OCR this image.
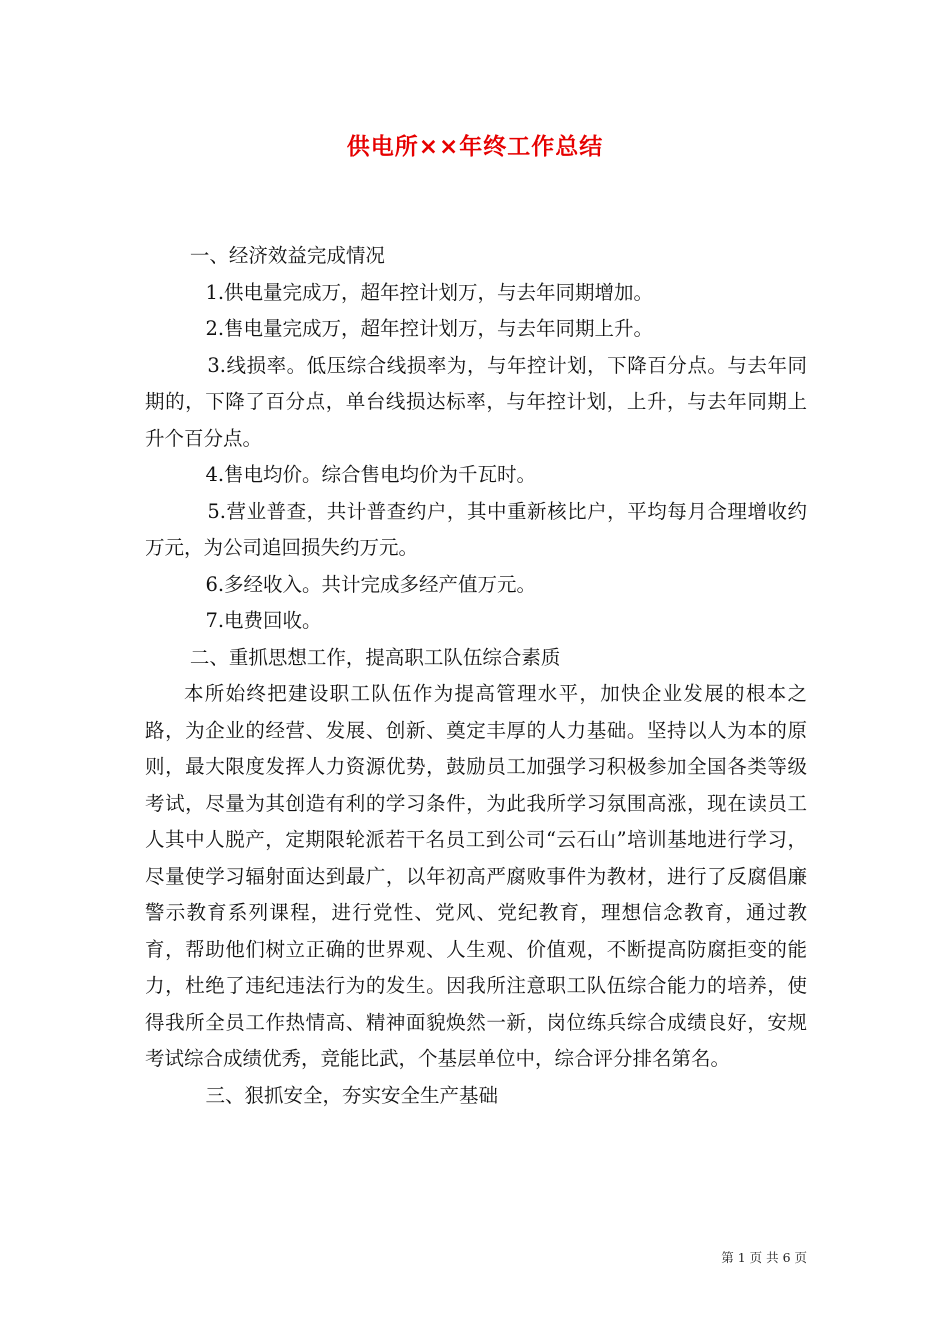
供电所××年终工作总结

一、经济效益完成情况

1.供电量完成万，超年控计划万，与去年同期增加。

2.售电量完成万，超年控计划万，与去年同期上升。

3.线损率。低压综合线损率为，与年控计划，下降百分点。与去年同期的，下降了百分点，单台线损达标率，与年控计划，上升，与去年同期上升个百分点。

4.售电均价。综合售电均价为千瓦时。

5.营业普查，共计普查约户，其中重新核比户，平均每月合理增收约万元，为公司追回损失约万元。

6.多经收入。共计完成多经产值万元。

7.电费回收。

二、重抓思想工作，提高职工队伍综合素质

本所始终把建设职工队伍作为提高管理水平，加快企业发展的根本之路，为企业的经营、发展、创新、奠定丰厚的人力基础。坚持以人为本的原则，最大限度发挥人力资源优势，鼓励员工加强学习积极参加全国各类等级考试，尽量为其创造有利的学习条件，为此我所学习氛围高涨，现在读员工人其中人脱产，定期限轮派若干名员工到公司“云石山”培训基地进行学习，尽量使学习辐射面达到最广，以年初高严腐败事件为教材，进行了反腐倡廉警示教育系列课程，进行党性、党风、党纪教育，理想信念教育，通过教育，帮助他们树立正确的世界观、人生观、价值观，不断提高防腐拒变的能力，杜绝了违纪违法行为的发生。因我所注意职工队伍综合能力的培养，使得我所全员工作热情高、精神面貌焕然一新，岗位练兵综合成绩良好，安规考试综合成绩优秀，竞能比武，个基层单位中，综合评分排名第名。

三、狠抓安全，夯实安全生产基础

第 1 页 共 6 页
